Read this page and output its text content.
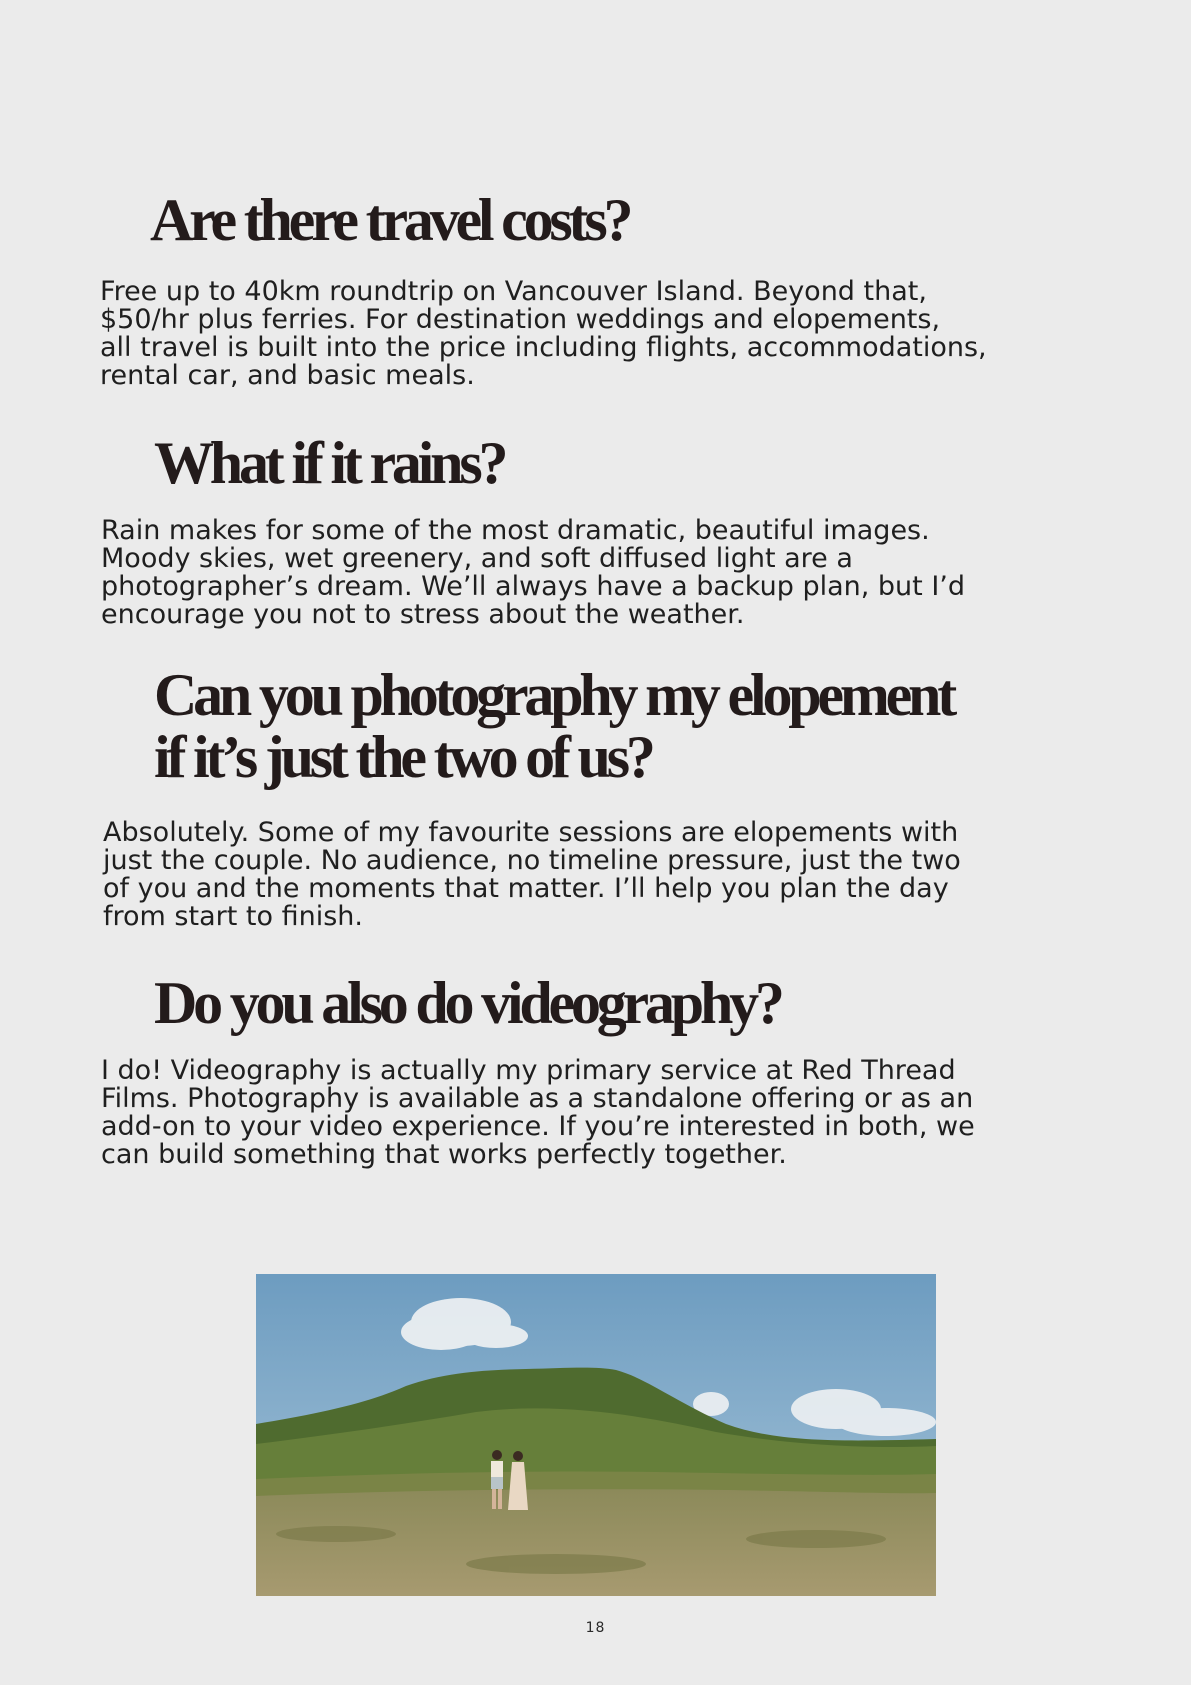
Are there travel costs?

Free up to 40km roundtrip on Vancouver Island. Beyond that,
$50/hr plus ferries. For destination weddings and elopements,
all travel is built into the price including flights, accommodations,
rental car, and basic meals.

What if it rains?

Rain makes for some of the most dramatic, beautiful images.
Moody skies, wet greenery, and soft diffused light are a
photographer’s dream. We’ll always have a backup plan, but I’d
encourage you not to stress about the weather.

Can you photography my elopement
if it’s just the two of us?

Absolutely. Some of my favourite sessions are elopements with
just the couple. No audience, no timeline pressure, just the two
of you and the moments that matter. I’ll help you plan the day
from start to finish.

Do you also do videography?

I do! Videography is actually my primary service at Red Thread
Films. Photography is available as a standalone offering or as an
add-on to your video experience. If you’re interested in both, we
can build something that works perfectly together.

18
